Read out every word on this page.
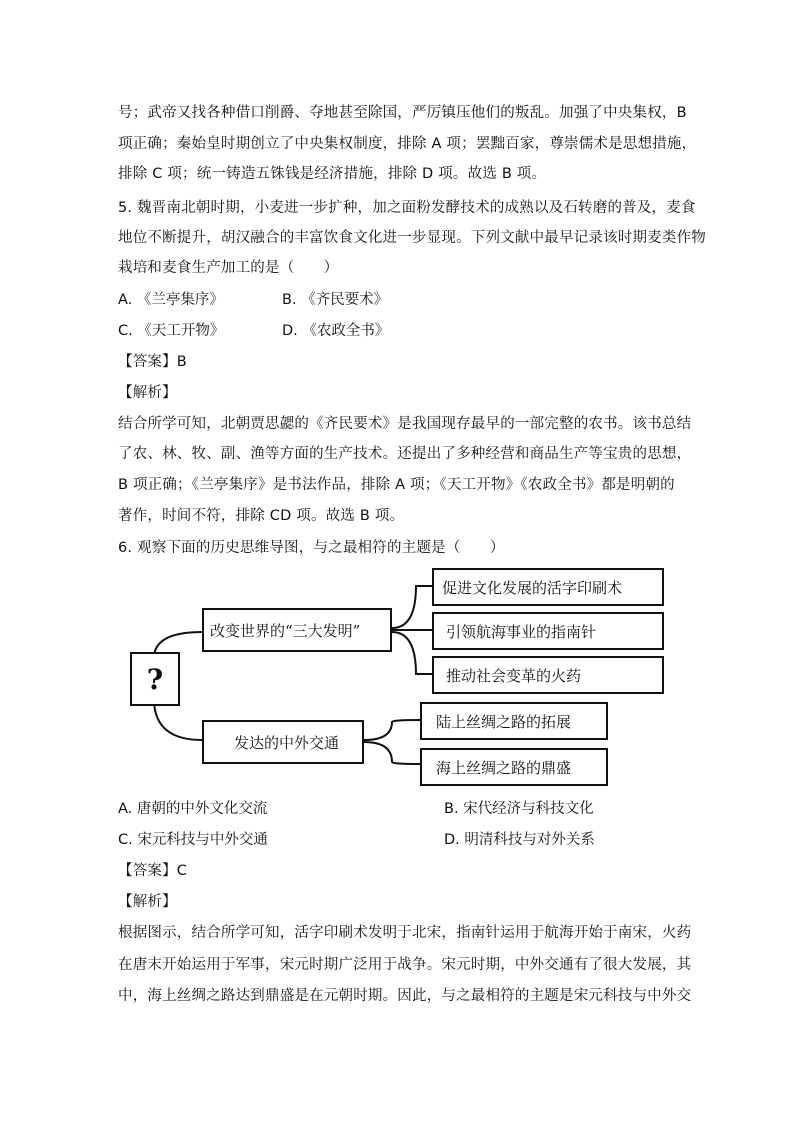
号；武帝又找各种借口削爵、夺地甚至除国，严厉镇压他们的叛乱。加强了中央集权，B
项正确；秦始皇时期创立了中央集权制度，排除 A 项；罢黜百家，尊崇儒术是思想措施，
排除 C 项；统一铸造五铢钱是经济措施，排除 D 项。故选 B 项。
5. 魏晋南北朝时期，小麦进一步扩种，加之面粉发酵技术的成熟以及石转磨的普及，麦食
地位不断提升，胡汉融合的丰富饮食文化进一步显现。下列文献中最早记录该时期麦类作物
栽培和麦食生产加工的是（　　）
A. 《兰亭集序》	B. 《齐民要术》
C. 《天工开物》	D. 《农政全书》
【答案】B
【解析】
结合所学可知，北朝贾思勰的《齐民要术》是我国现存最早的一部完整的农书。该书总结
了农、林、牧、副、渔等方面的生产技术。还提出了多种经营和商品生产等宝贵的思想，
B 项正确；《兰亭集序》是书法作品，排除 A 项；《天工开物》《农政全书》都是明朝的
著作，时间不符，排除 CD 项。故选 B 项。
6. 观察下面的历史思维导图，与之最相符的主题是（　　）
?
改变世界的“三大发明”
促进文化发展的活字印刷术
引领航海事业的指南针
推动社会变革的火药
发达的中外交通
陆上丝绸之路的拓展
海上丝绸之路的鼎盛
A. 唐朝的中外文化交流	B. 宋代经济与科技文化
C. 宋元科技与中外交通	D. 明清科技与对外关系
【答案】C
【解析】
根据图示，结合所学可知，活字印刷术发明于北宋，指南针运用于航海开始于南宋，火药
在唐末开始运用于军事，宋元时期广泛用于战争。宋元时期，中外交通有了很大发展，其
中，海上丝绸之路达到鼎盛是在元朝时期。因此，与之最相符的主题是宋元科技与中外交
